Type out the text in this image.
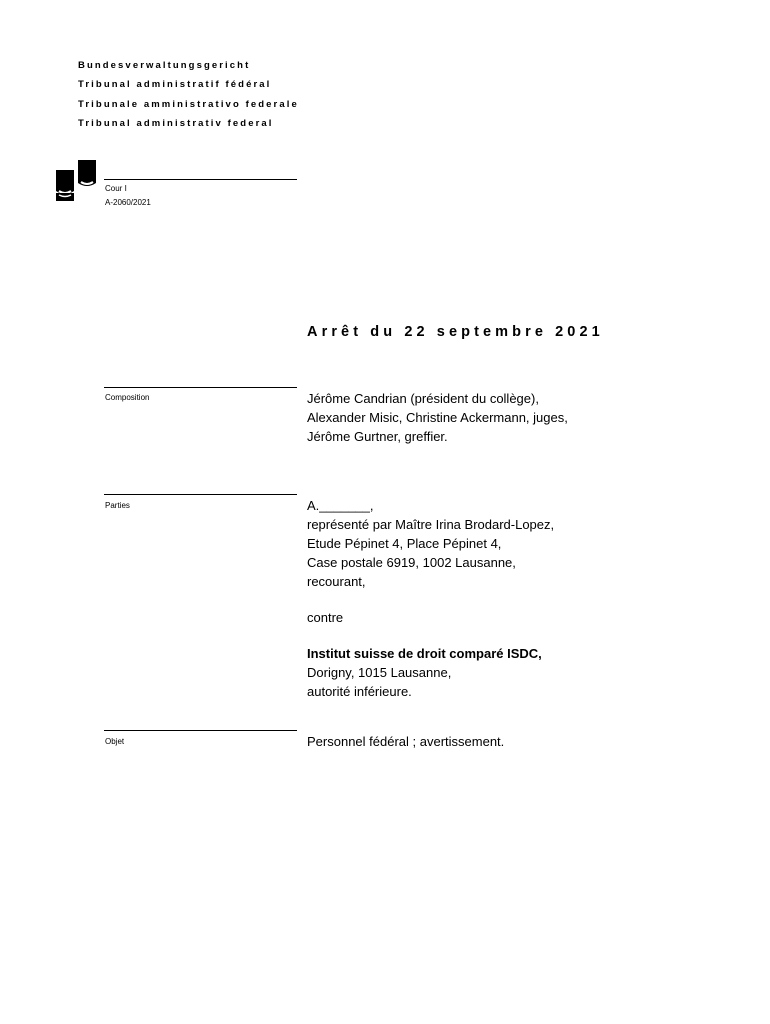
Bundesverwaltungsgericht
Tribunal administratif fédéral
Tribunale amministrativo federale
Tribunal administrativ federal
Cour I
A-2060/2021
Arrêt du 22 septembre 2021
Composition	Jérôme Candrian (président du collège),
Alexander Misic, Christine Ackermann, juges,
Jérôme Gurtner, greffier.
Parties	A._______,
représenté par Maître Irina Brodard-Lopez,
Etude Pépinet 4, Place Pépinet 4,
Case postale 6919, 1002 Lausanne,
recourant,
contre
Institut suisse de droit comparé ISDC,
Dorigny, 1015 Lausanne,
autorité inférieure.
Objet	Personnel fédéral ; avertissement.
